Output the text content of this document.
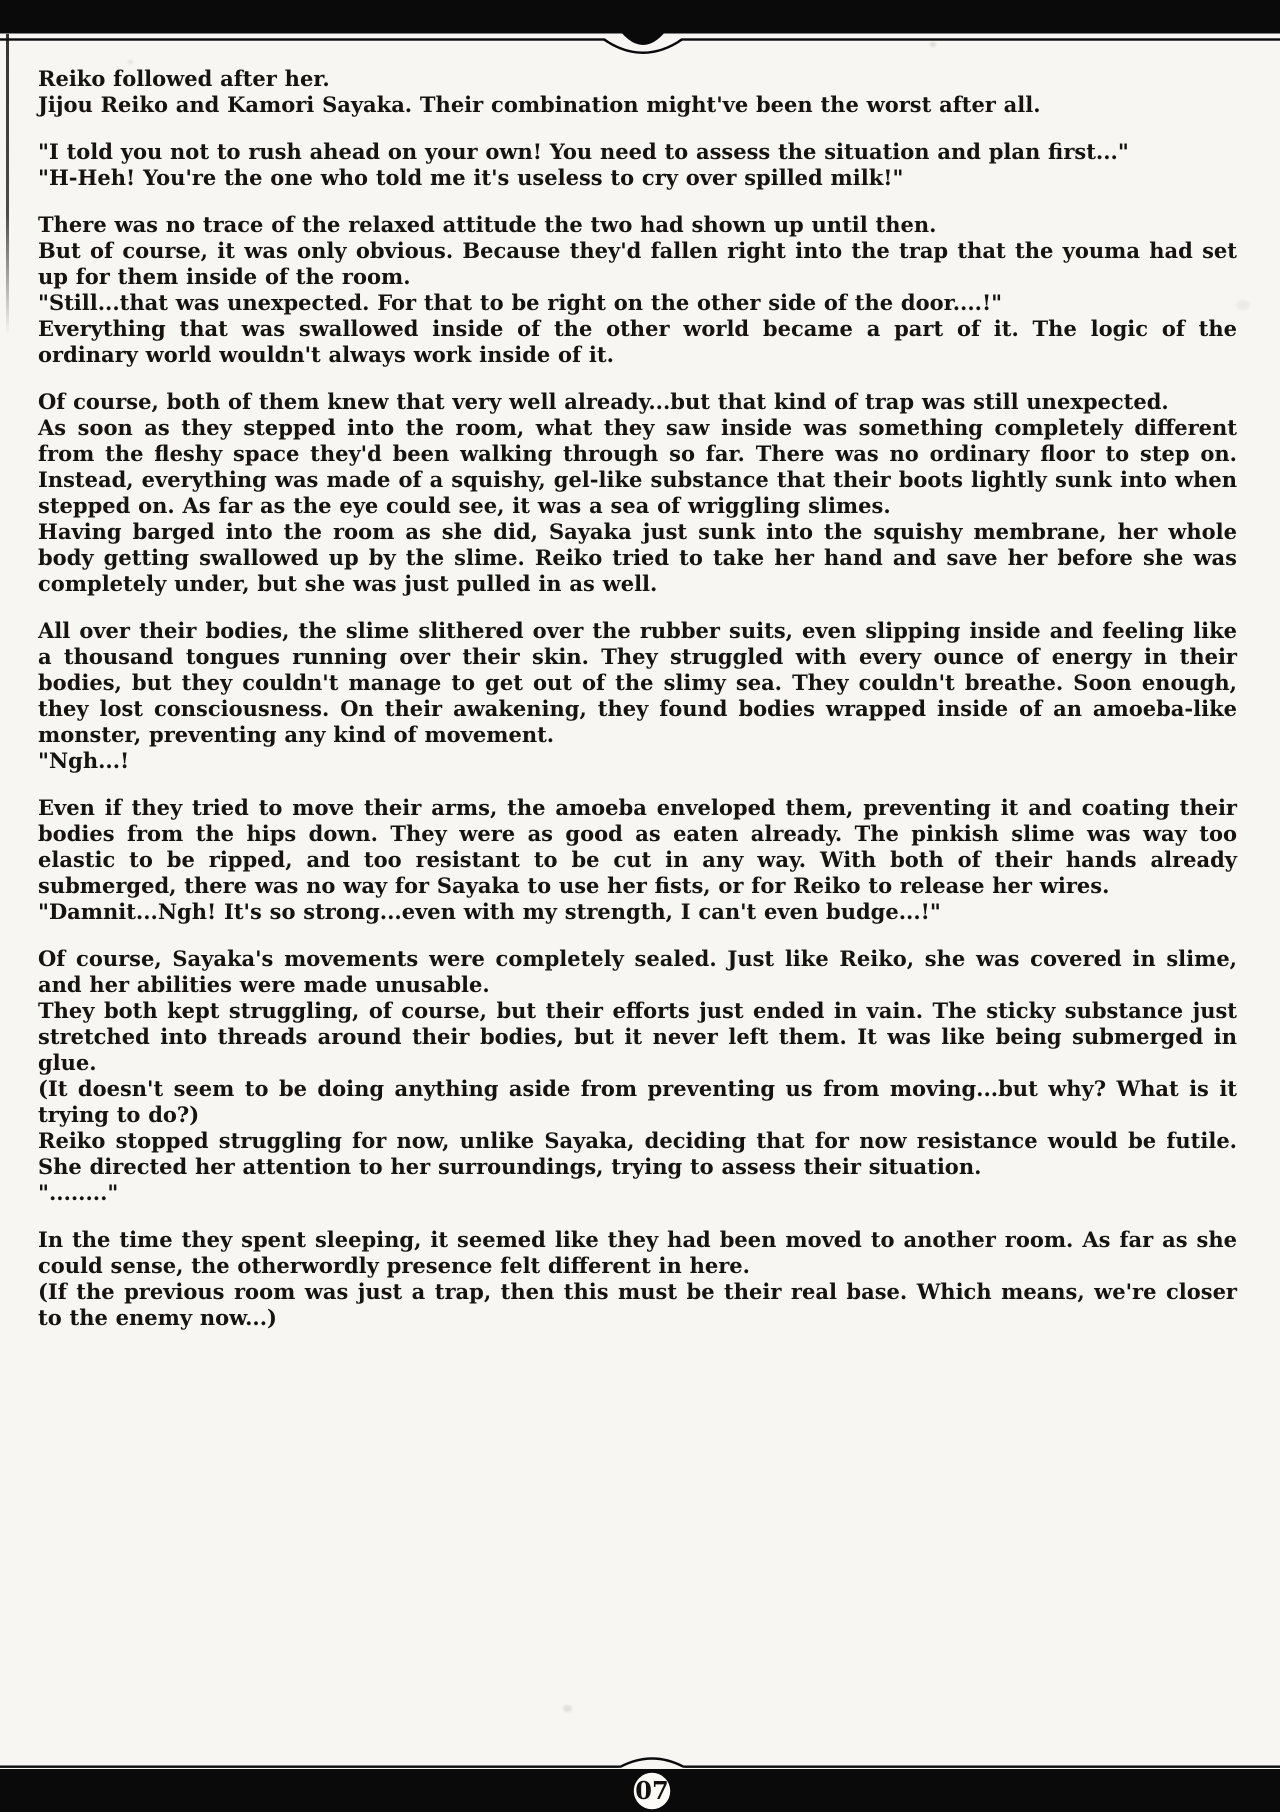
Reiko followed after her.

Jijou Reiko and Kamori Sayaka. Their combination might've been the worst after all.

"I told you not to rush ahead on your own! You need to assess the situation and plan first..."

"H-Heh! You're the one who told me it's useless to cry over spilled milk!"

There was no trace of the relaxed attitude the two had shown up until then.

But of course, it was only obvious. Because they'd fallen right into the trap that the youma had set up for them inside of the room.

"Still...that was unexpected. For that to be right on the other side of the door....!"

Everything that was swallowed inside of the other world became a part of it. The logic of the ordinary world wouldn't always work inside of it.

Of course, both of them knew that very well already...but that kind of trap was still unexpected.

As soon as they stepped into the room, what they saw inside was something completely different from the fleshy space they'd been walking through so far. There was no ordinary floor to step on. Instead, everything was made of a squishy, gel-like substance that their boots lightly sunk into when stepped on. As far as the eye could see, it was a sea of wriggling slimes.

Having barged into the room as she did, Sayaka just sunk into the squishy membrane, her whole body getting swallowed up by the slime. Reiko tried to take her hand and save her before she was completely under, but she was just pulled in as well.

All over their bodies, the slime slithered over the rubber suits, even slipping inside and feeling like a thousand tongues running over their skin. They struggled with every ounce of energy in their bodies, but they couldn't manage to get out of the slimy sea. They couldn't breathe. Soon enough, they lost consciousness. On their awakening, they found bodies wrapped inside of an amoeba-like monster, preventing any kind of movement.

"Ngh...!

Even if they tried to move their arms, the amoeba enveloped them, preventing it and coating their bodies from the hips down. They were as good as eaten already. The pinkish slime was way too elastic to be ripped, and too resistant to be cut in any way. With both of their hands already submerged, there was no way for Sayaka to use her fists, or for Reiko to release her wires.

"Damnit...Ngh! It's so strong...even with my strength, I can't even budge...!"

Of course, Sayaka's movements were completely sealed. Just like Reiko, she was covered in slime, and her abilities were made unusable.

They both kept struggling, of course, but their efforts just ended in vain. The sticky substance just stretched into threads around their bodies, but it never left them. It was like being submerged in glue.

(It doesn't seem to be doing anything aside from preventing us from moving...but why? What is it trying to do?)

Reiko stopped struggling for now, unlike Sayaka, deciding that for now resistance would be futile. She directed her attention to her surroundings, trying to assess their situation.

"........"

In the time they spent sleeping, it seemed like they had been moved to another room. As far as she could sense, the otherwordly presence felt different in here.

(If the previous room was just a trap, then this must be their real base. Which means, we're closer to the enemy now...)

07
